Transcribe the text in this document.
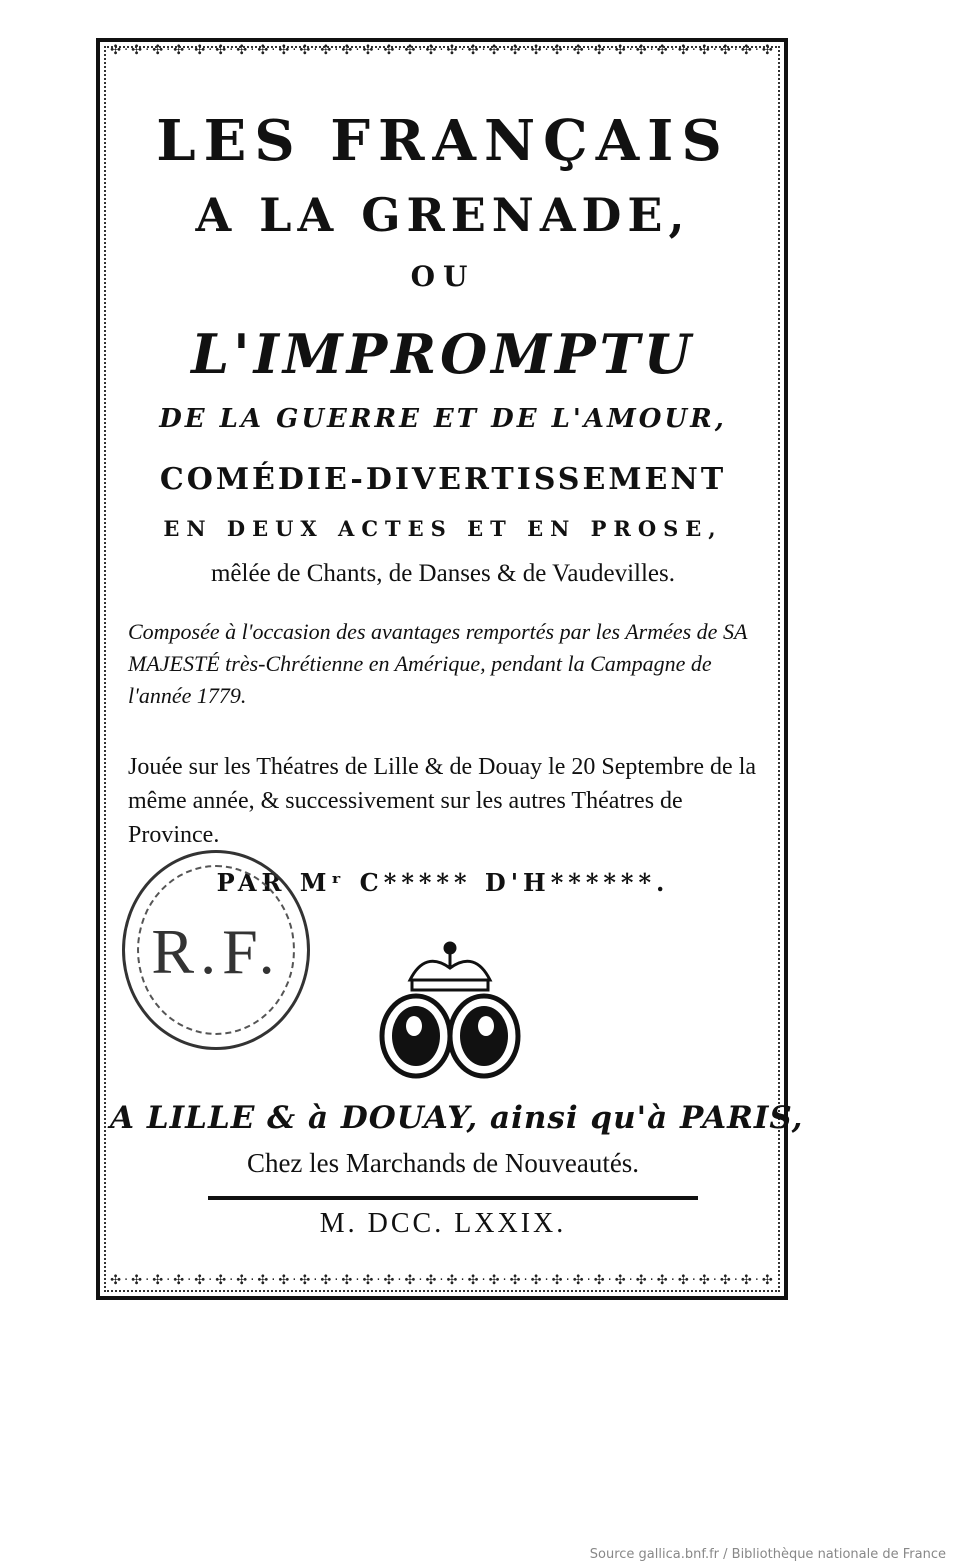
✣·✣·✣·✣·✣·✣·✣·✣·✣·✣·✣·✣·✣·✣·✣·✣·✣·✣·✣·✣·✣·✣·✣·✣·✣·✣·✣·✣·✣·✣·✣·✣
✣·✣·✣·✣·✣·✣·✣·✣·✣·✣·✣·✣·✣·✣·✣·✣·✣·✣·✣·✣·✣·✣·✣·✣·✣·✣·✣·✣·✣·✣·✣·✣
LES FRANÇAIS
A LA GRENADE,
OU
L'IMPROMPTU
DE LA GUERRE ET DE L'AMOUR,
COMÉDIE-DIVERTISSEMENT
EN DEUX ACTES ET EN PROSE,
mêlée de Chants, de Danses & de Vaudevilles.
Composée à l'occasion des avantages remportés par les Armées de SA MAJESTÉ très-Chrétienne en Amérique, pendant la Campagne de l'année 1779.
Jouée sur les Théatres de Lille & de Douay le 20 Septembre de la même année, & successivement sur les autres Théatres de Province.
PAR Mʳ C***** D'H******.
A LILLE & à DOUAY, ainsi qu'à PARIS,
Chez les Marchands de Nouveautés.
M. DCC. LXXIX.
R.F.
Source gallica.bnf.fr / Bibliothèque nationale de France
